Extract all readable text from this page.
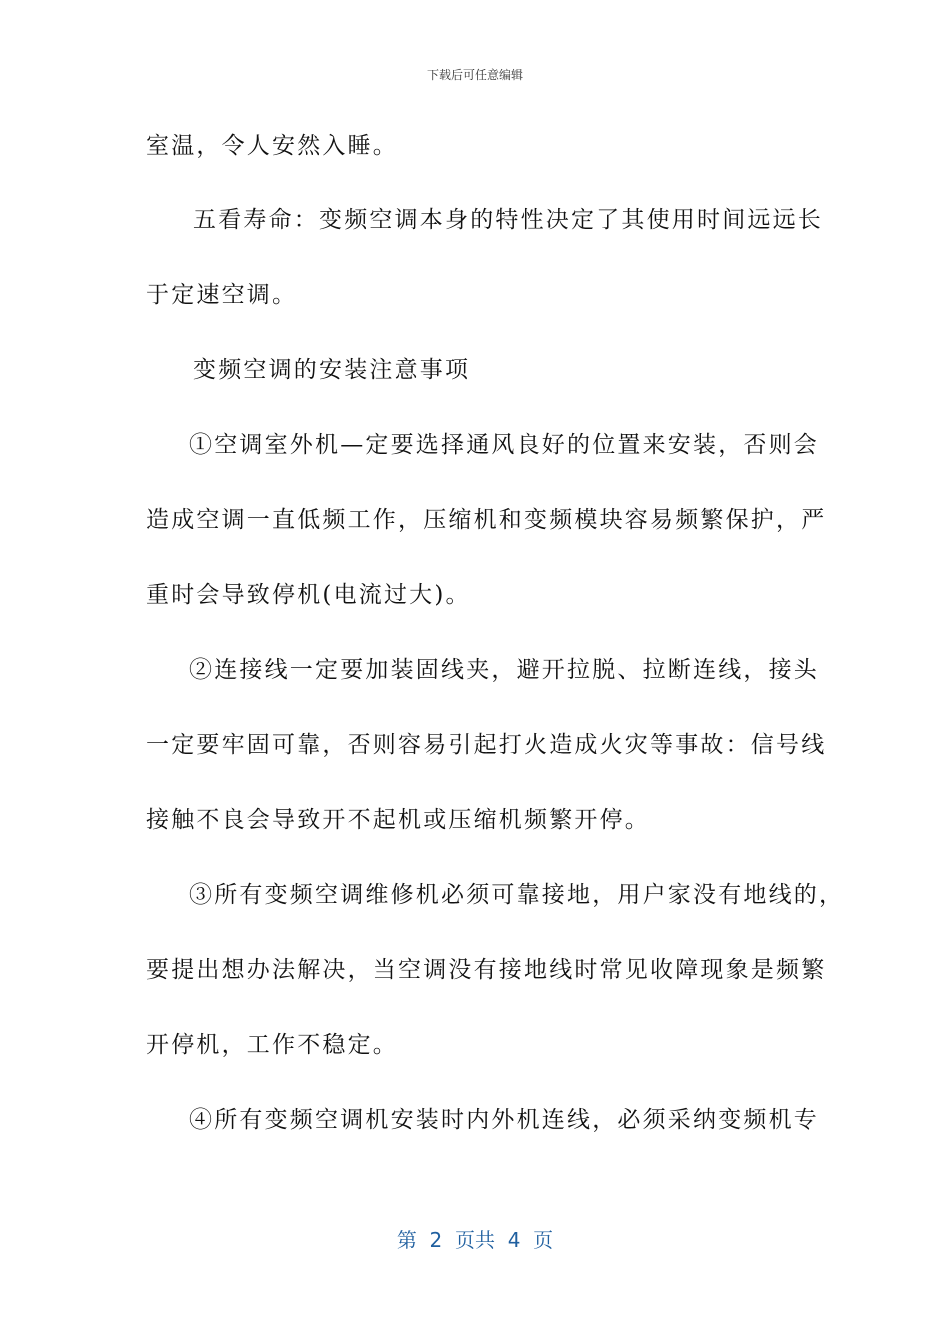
下载后可任意编辑
室温，令人安然入睡。
五看寿命：变频空调本身的特性决定了其使用时间远远长
于定速空调。
变频空调的安装注意事项
①空调室外机—定要选择通风良好的位置来安装，否则会
造成空调一直低频工作，压缩机和变频模块容易频繁保护，严
重时会导致停机(电流过大)。
②连接线一定要加装固线夹，避开拉脱、拉断连线，接头
一定要牢固可靠，否则容易引起打火造成火灾等事故：信号线
接触不良会导致开不起机或压缩机频繁开停。
③所有变频空调维修机必须可靠接地，用户家没有地线的，
要提出想办法解决，当空调没有接地线时常见收障现象是频繁
开停机，工作不稳定。
④所有变频空调机安装时内外机连线，必须采纳变频机专
第  2  页共  4  页
